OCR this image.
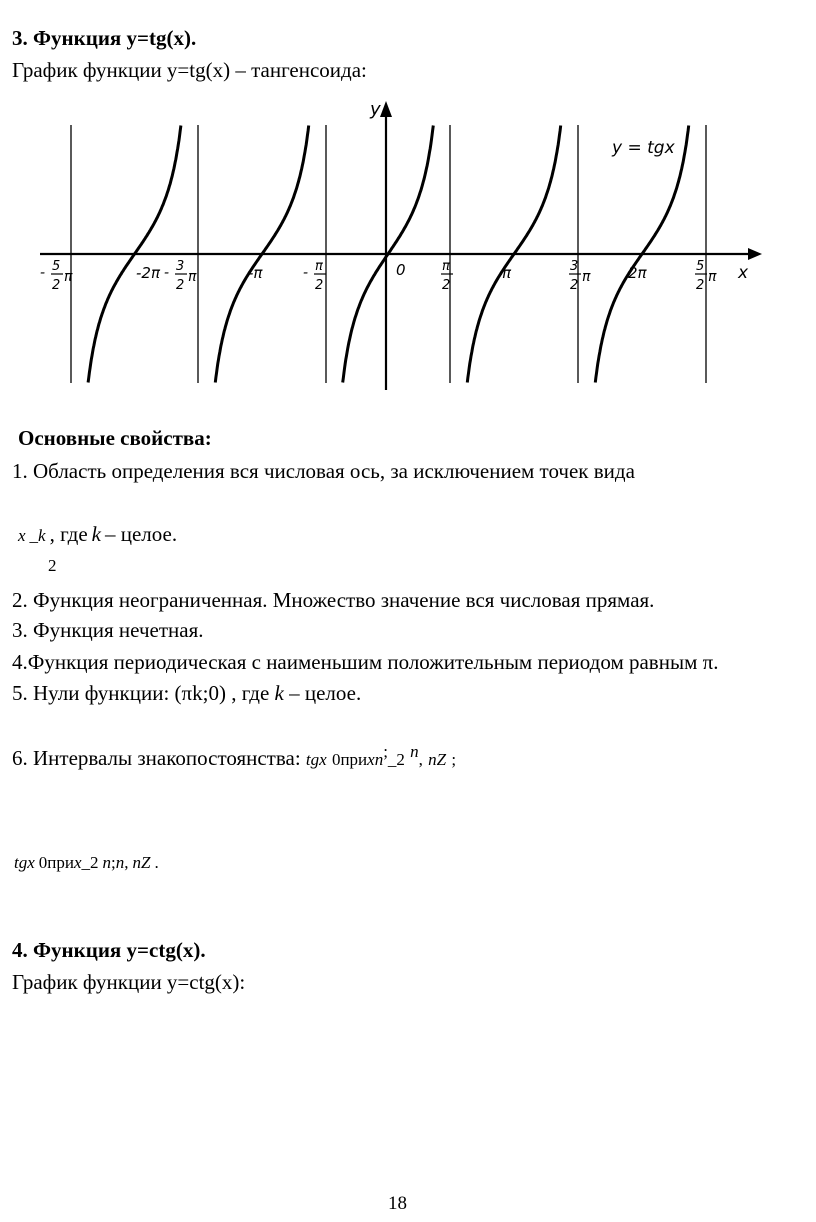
3. Функция y=tg(x).
График функции y=tg(x) – тангенсоида:
y
x
y = tgx
0
-2π	-π	π	2π
- 5
2
π	- 3
2
π	- π
2
π
2
3
2
π
5
2
π
Основные свойства:
1. Область определения вся числовая ось, за исключением точек вида
x _k , где k – целое.
2
2. Функция неограниченная. Множество значение вся числовая прямая.
3. Функция нечетная.
4.Функция периодическая с наименьшим положительным периодом равным π.
5. Нули функции: (πk;0) , где k – целое.
6. Интервалы знакопостоянства: tgx 0приxn;_2 $^n$, nZ ;
tgx 0приx_2 n;n, nZ .
4. Функция y=ctg(x).
График функции y=ctg(x):
18
